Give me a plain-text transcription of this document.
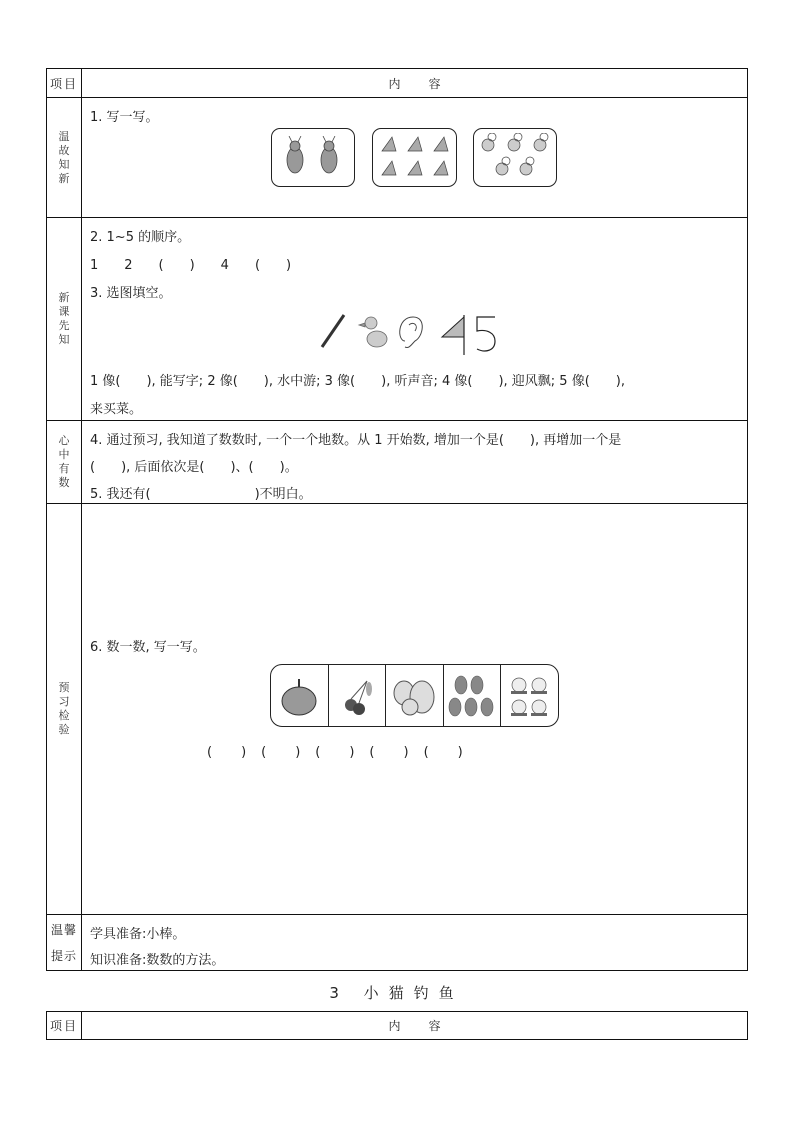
项目	内容
温故知新
1. 写一写。
新课先知
2. 1~5 的顺序。
1　　2　　(　　)　　4　　(　　)
3. 选图填空。
1 像(　　), 能写字; 2 像(　　), 水中游; 3 像(　　), 听声音; 4 像(　　), 迎风飘; 5 像(　　),
来买菜。
心中有数
4. 通过预习, 我知道了数数时, 一个一个地数。从 1 开始数, 增加一个是(　　), 再增加一个是
(　　), 后面依次是(　　)、(　　)。
5. 我还有(　　　　　　　　)不明白。
预习检验
6. 数一数, 写一写。
(　　)　(　　)　(　　)　(　　)　(　　)
温馨
提示
学具准备:小棒。
知识准备:数数的方法。
3 小猫钓鱼
项目	内容
